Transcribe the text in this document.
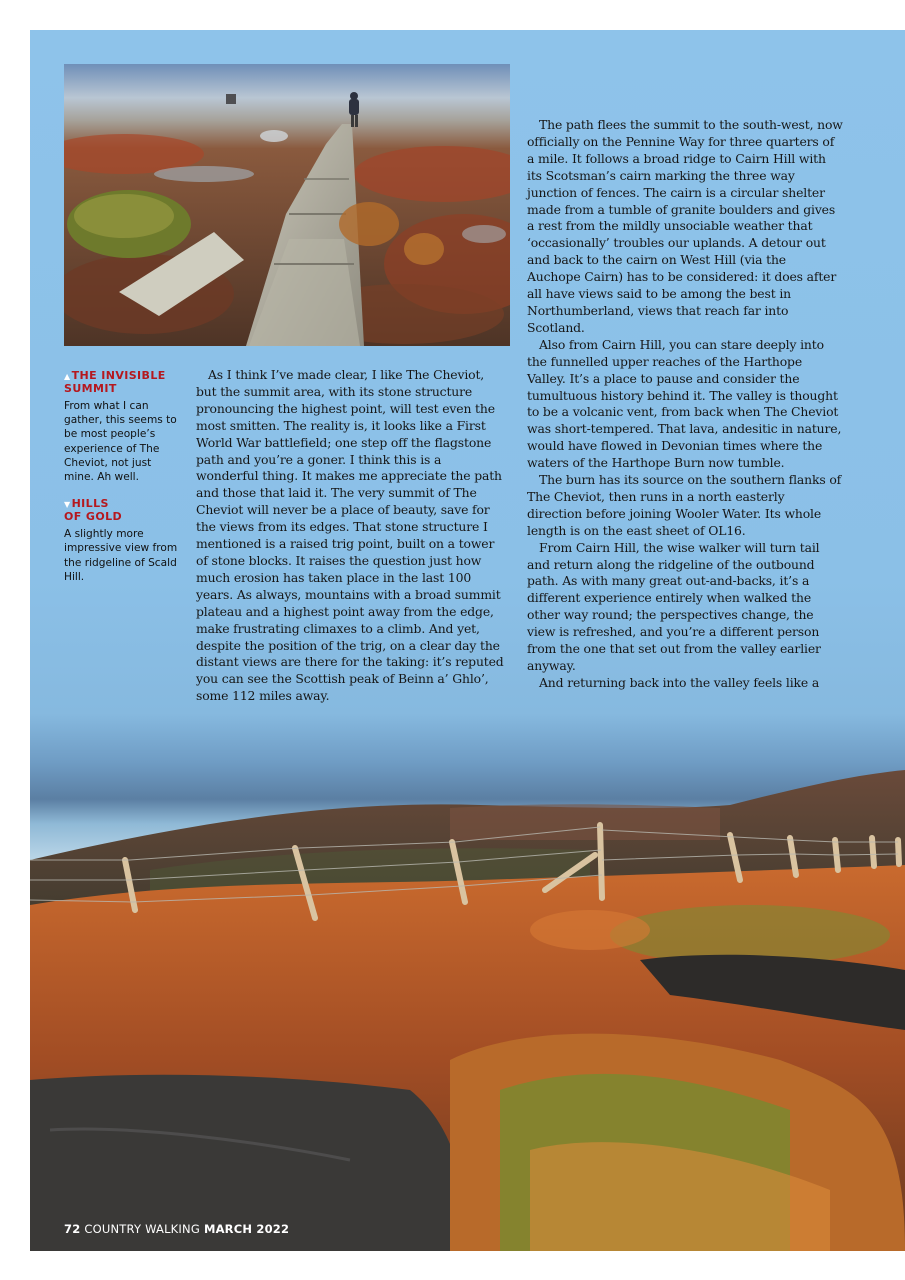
▲THE INVISIBLE
SUMMIT

From what I can gather, this seems to be most people’s experience of The Cheviot, not just mine. Ah well.

▼HILLS
OF GOLD

A slightly more impressive view from the ridgeline of Scald Hill.

As I think I’ve made clear, I like The Cheviot, but the summit area, with its stone structure pronouncing the highest point, will test even the most smitten. The reality is, it looks like a First World War battlefield; one step off the flagstone path and you’re a goner. I think this is a wonderful thing. It makes me appreciate the path and those that laid it. The very summit of The Cheviot will never be a place of beauty, save for the views from its edges. That stone structure I mentioned is a raised trig point, built on a tower of stone blocks. It raises the question just how much erosion has taken place in the last 100 years. As always, mountains with a broad summit plateau and a highest point away from the edge, make frustrating climaxes to a climb. And yet, despite the position of the trig, on a clear day the distant views are there for the taking: it’s reputed you can see the Scottish peak of Beinn a’ Ghlo’, some 112 miles away.

The path flees the summit to the south-west, now officially on the Pennine Way for three quarters of a mile. It follows a broad ridge to Cairn Hill with its Scotsman’s cairn marking the three way junction of fences. The cairn is a circular shelter made from a tumble of granite boulders and gives a rest from the mildly unsociable weather that ‘occasionally’ troubles our uplands. A detour out and back to the cairn on West Hill (via the Auchope Cairn) has to be considered: it does after all have views said to be among the best in Northumberland, views that reach far into Scotland.

Also from Cairn Hill, you can stare deeply into the funnelled upper reaches of the Harthope Valley. It’s a place to pause and consider the tumultuous history behind it. The valley is thought to be a volcanic vent, from back when The Cheviot was short-tempered. That lava, andesitic in nature, would have flowed in Devonian times where the waters of the Harthope Burn now tumble.

The burn has its source on the southern flanks of The Cheviot, then runs in a north easterly direction before joining Wooler Water. Its whole length is on the east sheet of OL16.

From Cairn Hill, the wise walker will turn tail and return along the ridgeline of the outbound path. As with many great out-and-backs, it’s a different experience entirely when walked the other way round; the perspectives change, the view is refreshed, and you’re a different person from the one that set out from the valley earlier anyway.

And returning back into the valley feels like a

72 COUNTRY WALKING MARCH 2022
